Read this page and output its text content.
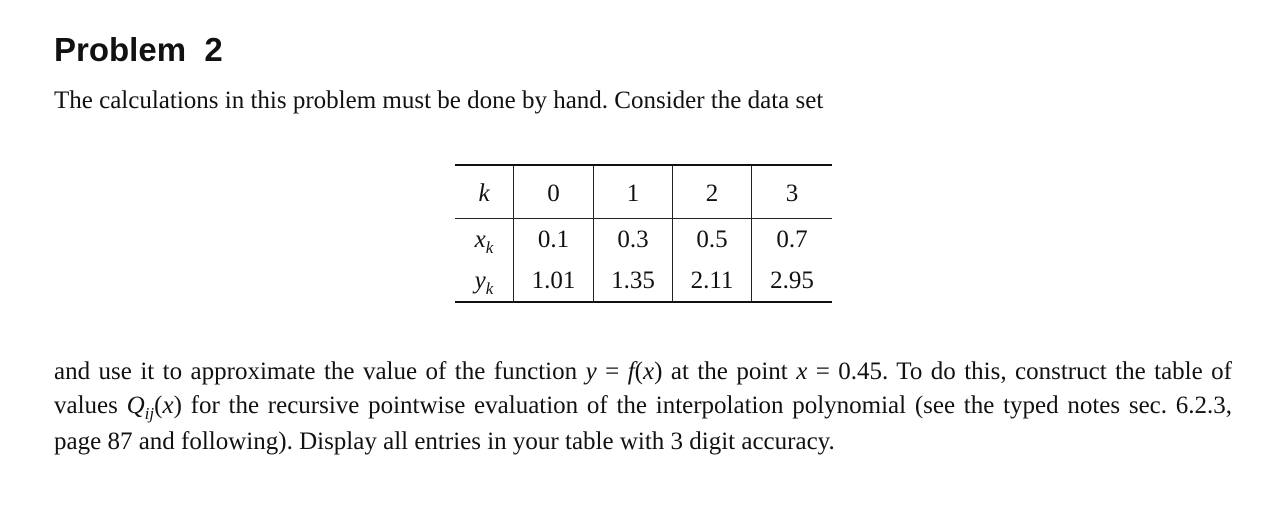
Problem  2

The calculations in this problem must be done by hand. Consider the data set

k	0	1	2	3
$x_k$	0.1	0.3	0.5	0.7
$y_k$	1.01	1.35	2.11	2.95

and use it to approximate the value of the function y = f(x) at the point x = 0.45. To do this, construct the table of values $Q_{ij}(x)$ for the recursive pointwise evaluation of the interpolation polynomial (see the typed notes sec. 6.2.3, page 87 and following). Display all entries in your table with 3 digit accuracy.
